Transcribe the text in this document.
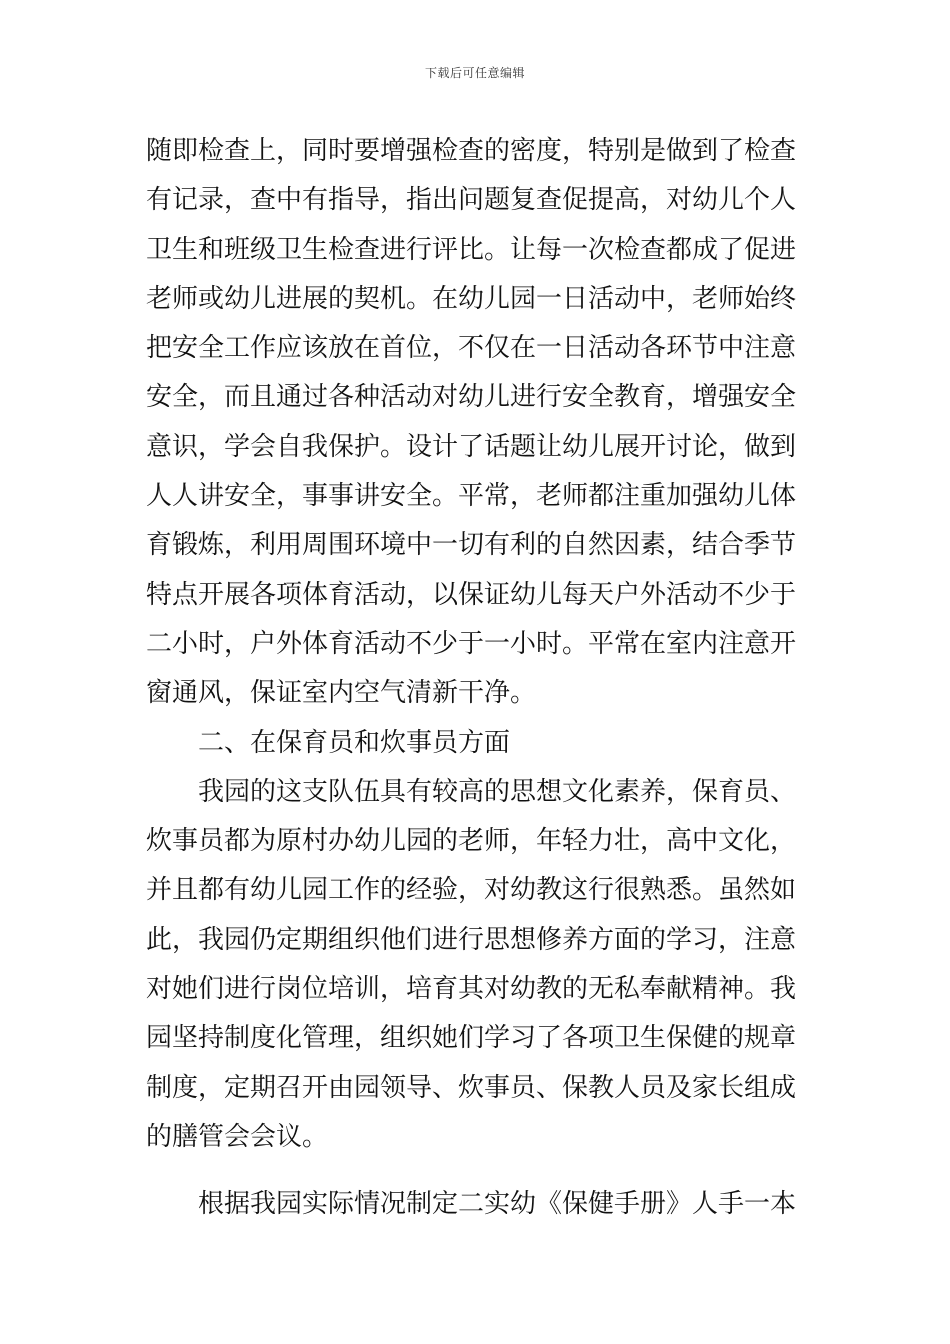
下载后可任意编辑
随即检查上，同时要增强检查的密度，特别是做到了检查
有记录，查中有指导，指出问题复查促提高，对幼儿个人
卫生和班级卫生检查进行评比。让每一次检查都成了促进
老师或幼儿进展的契机。在幼儿园一日活动中，老师始终
把安全工作应该放在首位，不仅在一日活动各环节中注意
安全，而且通过各种活动对幼儿进行安全教育，增强安全
意识，学会自我保护。设计了话题让幼儿展开讨论，做到
人人讲安全，事事讲安全。平常，老师都注重加强幼儿体
育锻炼，利用周围环境中一切有利的自然因素，结合季节
特点开展各项体育活动，以保证幼儿每天户外活动不少于
二小时，户外体育活动不少于一小时。平常在室内注意开
窗通风，保证室内空气清新干净。
二、在保育员和炊事员方面
我园的这支队伍具有较高的思想文化素养，保育员、
炊事员都为原村办幼儿园的老师，年轻力壮，高中文化，
并且都有幼儿园工作的经验，对幼教这行很熟悉。虽然如
此，我园仍定期组织他们进行思想修养方面的学习，注意
对她们进行岗位培训，培育其对幼教的无私奉献精神。我
园坚持制度化管理，组织她们学习了各项卫生保健的规章
制度，定期召开由园领导、炊事员、保教人员及家长组成
的膳管会会议。
根据我园实际情况制定二实幼《保健手册》人手一本
